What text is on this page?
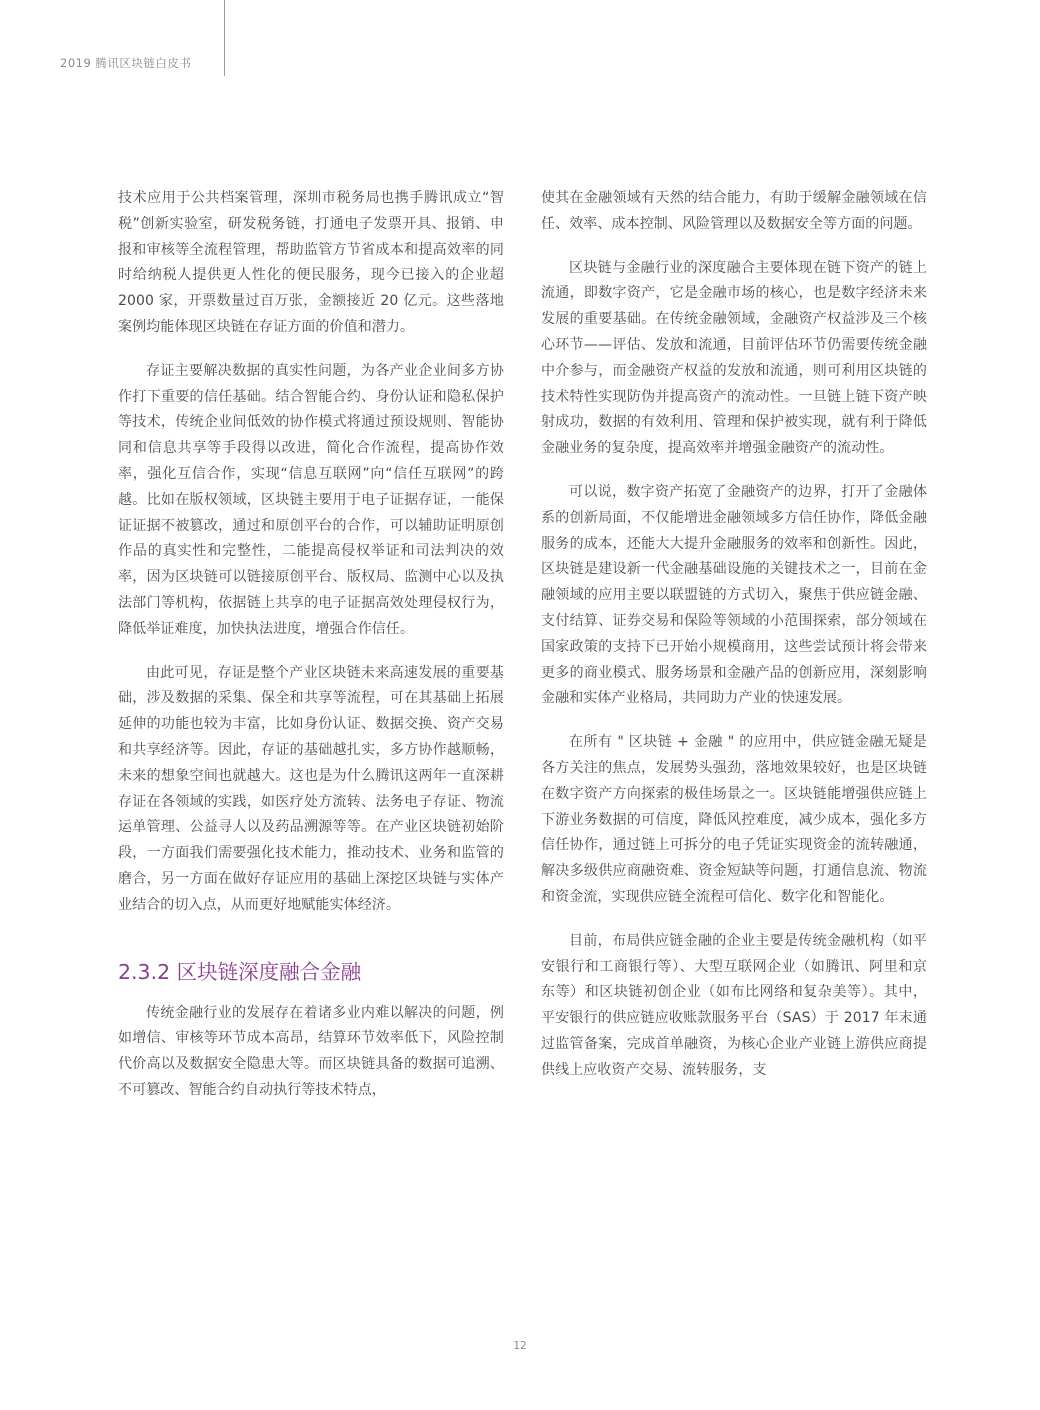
2019 腾讯区块链白皮书

技术应用于公共档案管理，深圳市税务局也携手腾讯成立“智税”创新实验室，研发税务链，打通电子发票开具、报销、申报和审核等全流程管理，帮助监管方节省成本和提高效率的同时给纳税人提供更人性化的便民服务，现今已接入的企业超 2000 家，开票数量过百万张，金额接近 20 亿元。这些落地案例均能体现区块链在存证方面的价值和潜力。

存证主要解决数据的真实性问题，为各产业企业间多方协作打下重要的信任基础。结合智能合约、身份认证和隐私保护等技术，传统企业间低效的协作模式将通过预设规则、智能协同和信息共享等手段得以改进，简化合作流程，提高协作效率，强化互信合作，实现“信息互联网”向“信任互联网”的跨越。比如在版权领域，区块链主要用于电子证据存证，一能保证证据不被篡改，通过和原创平台的合作，可以辅助证明原创作品的真实性和完整性，二能提高侵权举证和司法判决的效率，因为区块链可以链接原创平台、版权局、监测中心以及执法部门等机构，依据链上共享的电子证据高效处理侵权行为，降低举证难度，加快执法进度，增强合作信任。

由此可见，存证是整个产业区块链未来高速发展的重要基础，涉及数据的采集、保全和共享等流程，可在其基础上拓展延伸的功能也较为丰富，比如身份认证、数据交换、资产交易和共享经济等。因此，存证的基础越扎实，多方协作越顺畅，未来的想象空间也就越大。这也是为什么腾讯这两年一直深耕存证在各领域的实践，如医疗处方流转、法务电子存证、物流运单管理、公益寻人以及药品溯源等等。在产业区块链初始阶段，一方面我们需要强化技术能力，推动技术、业务和监管的磨合，另一方面在做好存证应用的基础上深挖区块链与实体产业结合的切入点，从而更好地赋能实体经济。

2.3.2 区块链深度融合金融

传统金融行业的发展存在着诸多业内难以解决的问题，例如增信、审核等环节成本高昂，结算环节效率低下，风险控制代价高以及数据安全隐患大等。而区块链具备的数据可追溯、不可篡改、智能合约自动执行等技术特点，

使其在金融领域有天然的结合能力，有助于缓解金融领域在信任、效率、成本控制、风险管理以及数据安全等方面的问题。

区块链与金融行业的深度融合主要体现在链下资产的链上流通，即数字资产，它是金融市场的核心，也是数字经济未来发展的重要基础。在传统金融领域，金融资产权益涉及三个核心环节——评估、发放和流通，目前评估环节仍需要传统金融中介参与，而金融资产权益的发放和流通，则可利用区块链的技术特性实现防伪并提高资产的流动性。一旦链上链下资产映射成功，数据的有效利用、管理和保护被实现，就有利于降低金融业务的复杂度，提高效率并增强金融资产的流动性。

可以说，数字资产拓宽了金融资产的边界，打开了金融体系的创新局面，不仅能增进金融领域多方信任协作，降低金融服务的成本，还能大大提升金融服务的效率和创新性。因此，区块链是建设新一代金融基础设施的关键技术之一，目前在金融领域的应用主要以联盟链的方式切入，聚焦于供应链金融、支付结算、证券交易和保险等领域的小范围探索，部分领域在国家政策的支持下已开始小规模商用，这些尝试预计将会带来更多的商业模式、服务场景和金融产品的创新应用，深刻影响金融和实体产业格局，共同助力产业的快速发展。

在所有 " 区块链 + 金融 " 的应用中，供应链金融无疑是各方关注的焦点，发展势头强劲，落地效果较好，也是区块链在数字资产方向探索的极佳场景之一。区块链能增强供应链上下游业务数据的可信度，降低风控难度，减少成本，强化多方信任协作，通过链上可拆分的电子凭证实现资金的流转融通，解决多级供应商融资难、资金短缺等问题，打通信息流、物流和资金流，实现供应链全流程可信化、数字化和智能化。

目前，布局供应链金融的企业主要是传统金融机构（如平安银行和工商银行等）、大型互联网企业（如腾讯、阿里和京东等）和区块链初创企业（如布比网络和复杂美等）。其中，平安银行的供应链应收账款服务平台（SAS）于 2017 年末通过监管备案，完成首单融资，为核心企业产业链上游供应商提供线上应收资产交易、流转服务，支

12
